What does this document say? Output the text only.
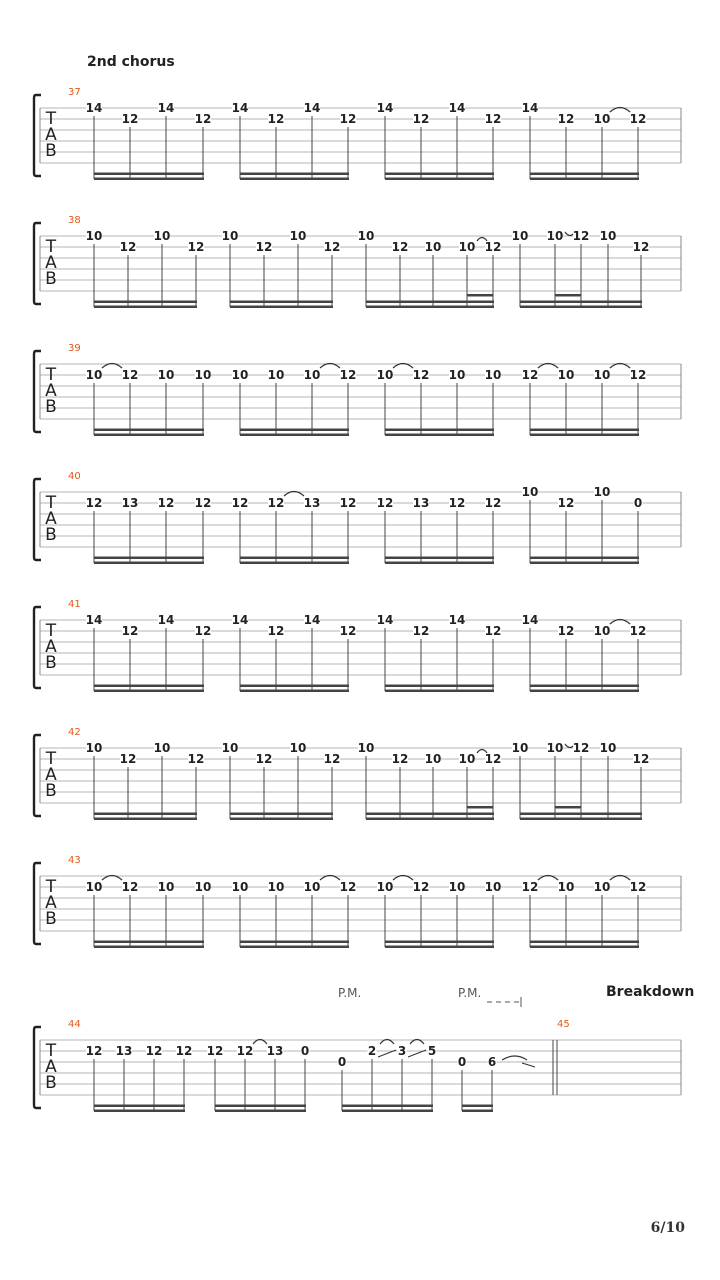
2nd chorus
Breakdown
P.M.	P.M.
T
A
B
37
14
12
14
12
14
12
14
12
14
12
14
12
14
12 10 12
T
A
B
38
10
12
10
12
10
12
10
12
10
12 10 10 12
10 10 12 10
12
T
A
B
39
10 12 10 10 10 10 10 12 10 12 10 10 12 10 10 12
T
A
B
40
12 13 12 12 12 12 13 12 12 13 12 12
10
12
10
0
T
A
B
41
14
12
14
12
14
12
14
12
14
12
14
12
14
12 10 12
T
A
B
42
10
12
10
12
10
12
10
12
10
12 10 10 12
10 10 12 10
12
T
A
B
43
10 12 10 10 10 10 10 12 10 12 10 10 12 10 10 12
T
A
B
44
12 13 12 12 12 12 13 0
0
2 3 5
0 6
45
6/10
